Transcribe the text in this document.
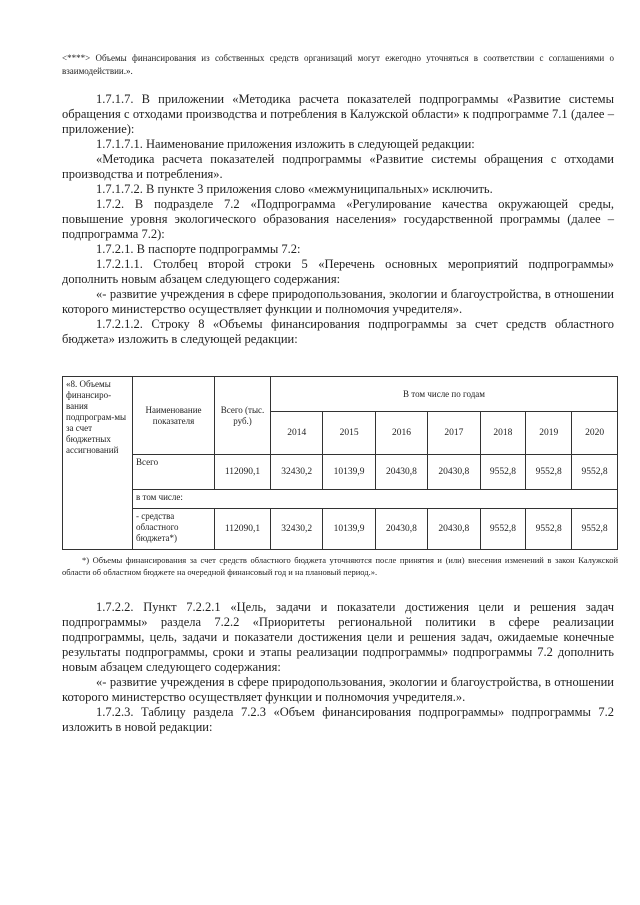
<****> Объемы финансирования из собственных средств организаций могут ежегодно уточняться в соответствии с соглашениями о взаимодействии.».

1.7.1.7. В приложении «Методика расчета показателей подпрограммы «Развитие системы обращения с отходами производства и потребления в Калужской области» к подпрограмме 7.1 (далее – приложение):

1.7.1.7.1. Наименование приложения изложить в следующей редакции:

«Методика расчета показателей подпрограммы «Развитие системы обращения с отходами производства и потребления».

1.7.1.7.2. В пункте 3 приложения слово «межмуниципальных» исключить.

1.7.2. В подразделе 7.2 «Подпрограмма «Регулирование качества окружающей среды, повышение уровня экологического образования населения» государственной программы (далее – подпрограмма 7.2):

1.7.2.1. В паспорте подпрограммы 7.2:

1.7.2.1.1. Столбец второй строки 5 «Перечень основных мероприятий подпрограммы» дополнить новым абзацем следующего содержания:

«- развитие учреждения в сфере природопользования, экологии и благоустройства, в отношении которого министерство осуществляет функции и полномочия учредителя».

1.7.2.1.2. Строку 8 «Объемы финансирования подпрограммы за счет средств областного бюджета» изложить в следующей редакции:

«8. Объемы финансиро-вания подпрограм-мы за счет бюджетных ассигнований	Наименование показателя	Всего (тыс. руб.)	В том числе по годам						
			2014	2015	2016	2017	2018	2019	2020
	Всего	112090,1	32430,2	10139,9	20430,8	20430,8	9552,8	9552,8	9552,8
	в том числе:								
	- средства областного бюджета*)	112090,1	32430,2	10139,9	20430,8	20430,8	9552,8	9552,8	9552,8
*) Объемы финансирования за счет средств областного бюджета уточняются после принятия и (или) внесения изменений в закон Калужской области об областном бюджете на очередной финансовый год и на плановый период.».

1.7.2.2. Пункт 7.2.2.1 «Цель, задачи и показатели достижения цели и решения задач подпрограммы» раздела 7.2.2 «Приоритеты региональной политики в сфере реализации подпрограммы, цель, задачи и показатели достижения цели и решения задач, ожидаемые конечные результаты подпрограммы, сроки и этапы реализации подпрограммы» подпрограммы 7.2 дополнить новым абзацем следующего содержания:

«- развитие учреждения в сфере природопользования, экологии и благоустройства, в отношении которого министерство осуществляет функции и полномочия учредителя.».

1.7.2.3. Таблицу раздела 7.2.3 «Объем финансирования подпрограммы» подпрограммы 7.2 изложить в новой редакции:
